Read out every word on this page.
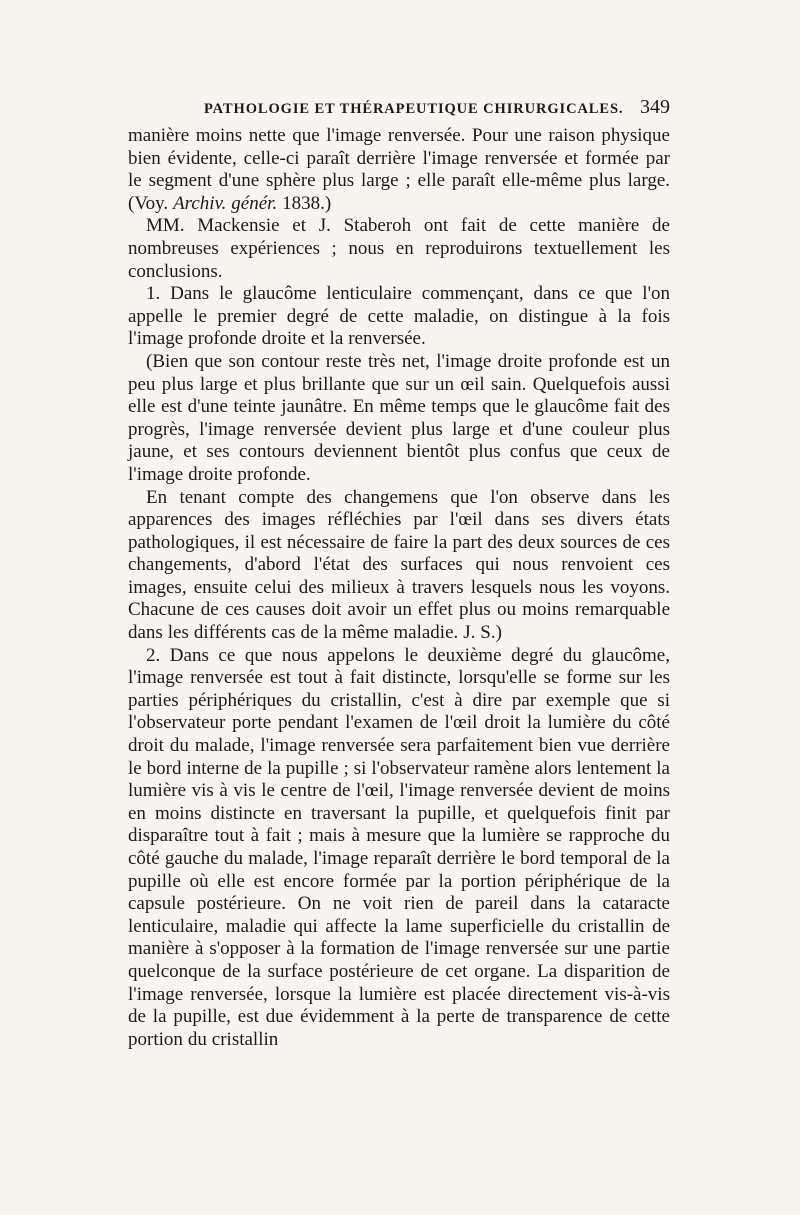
PATHOLOGIE ET THÉRAPEUTIQUE CHIRURGICALES. 349

manière moins nette que l'image renversée. Pour une raison physique bien évidente, celle-ci paraît derrière l'image renversée et formée par le segment d'une sphère plus large ; elle paraît elle-même plus large. (Voy. Archiv. génér. 1838.)

MM. Mackensie et J. Staberoh ont fait de cette manière de nombreuses expériences ; nous en reproduirons textuellement les conclusions.

1. Dans le glaucôme lenticulaire commençant, dans ce que l'on appelle le premier degré de cette maladie, on distingue à la fois l'image profonde droite et la renversée.

(Bien que son contour reste très net, l'image droite profonde est un peu plus large et plus brillante que sur un œil sain. Quelquefois aussi elle est d'une teinte jaunâtre. En même temps que le glaucôme fait des progrès, l'image renversée devient plus large et d'une couleur plus jaune, et ses contours deviennent bientôt plus confus que ceux de l'image droite profonde.

En tenant compte des changemens que l'on observe dans les apparences des images réfléchies par l'œil dans ses divers états pathologiques, il est nécessaire de faire la part des deux sources de ces changements, d'abord l'état des surfaces qui nous renvoient ces images, ensuite celui des milieux à travers lesquels nous les voyons. Chacune de ces causes doit avoir un effet plus ou moins remarquable dans les différents cas de la même maladie. J. S.)

2. Dans ce que nous appelons le deuxième degré du glaucôme, l'image renversée est tout à fait distincte, lorsqu'elle se forme sur les parties périphériques du cristallin, c'est à dire par exemple que si l'observateur porte pendant l'examen de l'œil droit la lumière du côté droit du malade, l'image renversée sera parfaitement bien vue derrière le bord interne de la pupille ; si l'observateur ramène alors lentement la lumière vis à vis le centre de l'œil, l'image renversée devient de moins en moins distincte en traversant la pupille, et quelquefois finit par disparaître tout à fait ; mais à mesure que la lumière se rapproche du côté gauche du malade, l'image reparaît derrière le bord temporal de la pupille où elle est encore formée par la portion périphérique de la capsule postérieure. On ne voit rien de pareil dans la cataracte lenticulaire, maladie qui affecte la lame superficielle du cristallin de manière à s'opposer à la formation de l'image renversée sur une partie quelconque de la surface postérieure de cet organe. La disparition de l'image renversée, lorsque la lumière est placée directement vis-à-vis de la pupille, est due évidemment à la perte de transparence de cette portion du cristallin
